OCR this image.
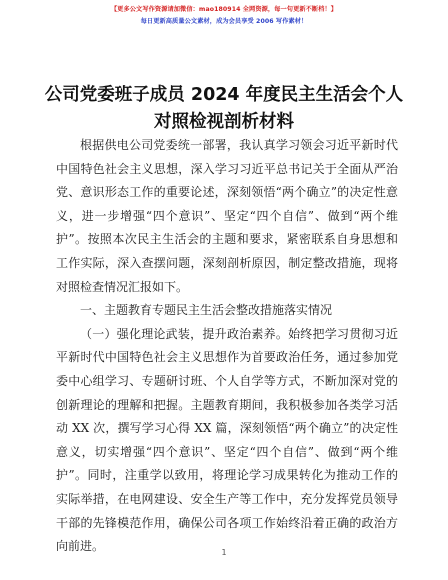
【更多公文写作资源请加微信：mao180914 全网资源，每一句更新不断档！】
每日更新高质量公文素材，成为会员享受 2006 写作素材！
公司党委班子成员 2024 年度民主生活会个人对照检视剖析材料

根据供电公司党委统一部署，我认真学习领会习近平新时代中国特色社会主义思想，深入学习习近平总书记关于全面从严治党、意识形态工作的重要论述，深刻领悟“两个确立”的决定性意义，进一步增强“四个意识”、坚定“四个自信”、做到“两个维护”。按照本次民主生活会的主题和要求，紧密联系自身思想和工作实际，深入查摆问题，深刻剖析原因，制定整改措施，现将对照检查情况汇报如下。

一、主题教育专题民主生活会整改措施落实情况

（一）强化理论武装，提升政治素养。始终把学习贯彻习近平新时代中国特色社会主义思想作为首要政治任务，通过参加党委中心组学习、专题研讨班、个人自学等方式，不断加深对党的创新理论的理解和把握。主题教育期间，我积极参加各类学习活动 XX 次，撰写学习心得 XX 篇，深刻领悟“两个确立”的决定性意义，切实增强“四个意识”、坚定“四个自信”、做到“两个维护”。同时，注重学以致用，将理论学习成果转化为推动工作的实际举措，在电网建设、安全生产等工作中，充分发挥党员领导干部的先锋模范作用，确保公司各项工作始终沿着正确的政治方向前进。	1
